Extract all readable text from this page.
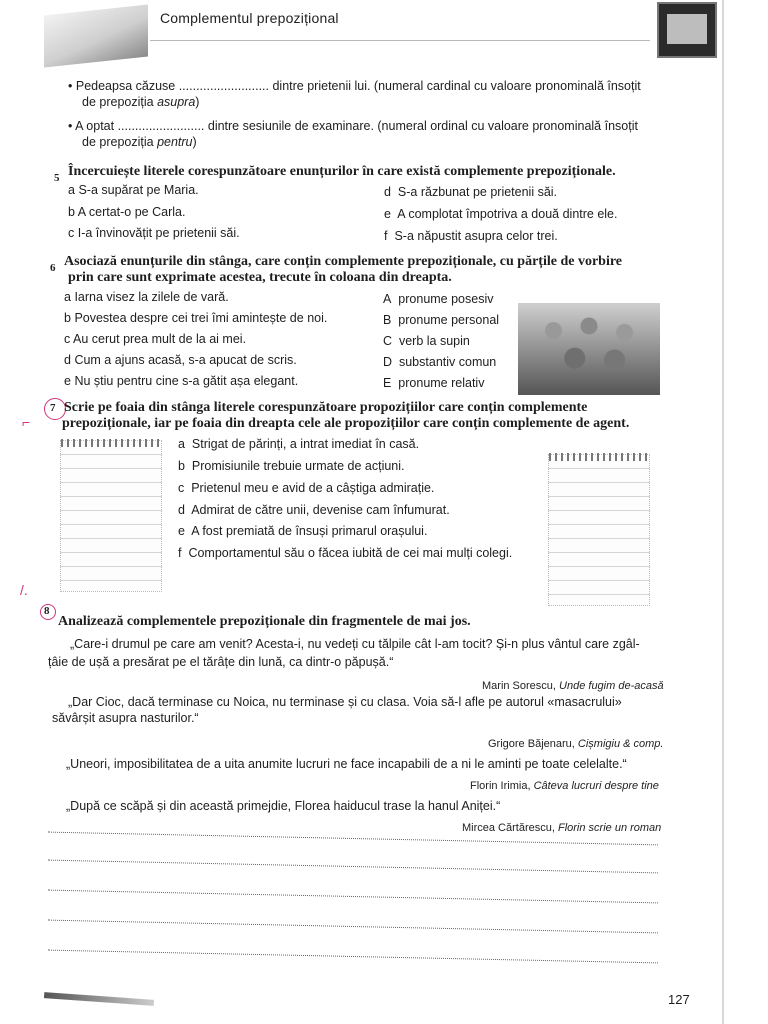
Complementul prepozițional
• Pedeapsa căzuse .......................... dintre prietenii lui. (numeral cardinal cu valoare pronominală însoțit
de prepoziția asupra)
• A optat ......................... dintre sesiunile de examinare. (numeral ordinal cu valoare pronominală însoțit
de prepoziția pentru)
5 Încercuiește literele corespunzătoare enunțurilor în care există complemente prepoziționale.
a S-a supărat pe Maria.
b A certat-o pe Carla.
c I-a învinovățit pe prietenii săi.
d S-a răzbunat pe prietenii săi.
e A complotat împotriva a două dintre ele.
f S-a năpustit asupra celor trei.
6 Asociază enunțurile din stânga, care conțin complemente prepoziționale, cu părțile de vorbire
prin care sunt exprimate acestea, trecute în coloana din dreapta.
a Iarna visez la zilele de vară.
b Povestea despre cei trei îmi amintește de noi.
c Au cerut prea mult de la ai mei.
d Cum a ajuns acasă, s-a apucat de scris.
e Nu știu pentru cine s-a gătit așa elegant.
A pronume posesiv
B pronume personal
C verb la supin
D substantiv comun
E pronume relativ
⌐
7 Scrie pe foaia din stânga literele corespunzătoare propozițiilor care conțin complemente
prepoziționale, iar pe foaia din dreapta cele ale propozițiilor care conțin complemente de agent.
a Strigat de părinți, a intrat imediat în casă.
b Promisiunile trebuie urmate de acțiuni.
c Prietenul meu e avid de a câștiga admirație.
d Admirat de către unii, devenise cam înfumurat.
e A fost premiată de însuși primarul orașului.
f Comportamentul său o făcea iubită de cei mai mulți colegi.
/.
8
Analizează complementele prepoziționale din fragmentele de mai jos.
„Care-i drumul pe care am venit? Acesta-i, nu vedeți cu tălpile cât l-am tocit? Și-n plus vântul care zgâl-
țâie de ușă a presărat pe el tărâțe din lună, ca dintr-o păpușă.“
Marin Sorescu, Unde fugim de-acasă
„Dar Cioc, dacă terminase cu Noica, nu terminase și cu clasa. Voia să-l afle pe autorul «masacrului»
săvârșit asupra nasturilor.“
Grigore Băjenaru, Cișmigiu & comp.
„Uneori, imposibilitatea de a uita anumite lucruri ne face incapabili de a ni le aminti pe toate celelalte.“
Florin Irimia, Câteva lucruri despre tine
„După ce scăpă și din această primejdie, Florea haiducul trase la hanul Aniței.“
Mircea Cărtărescu, Florin scrie un roman
127
